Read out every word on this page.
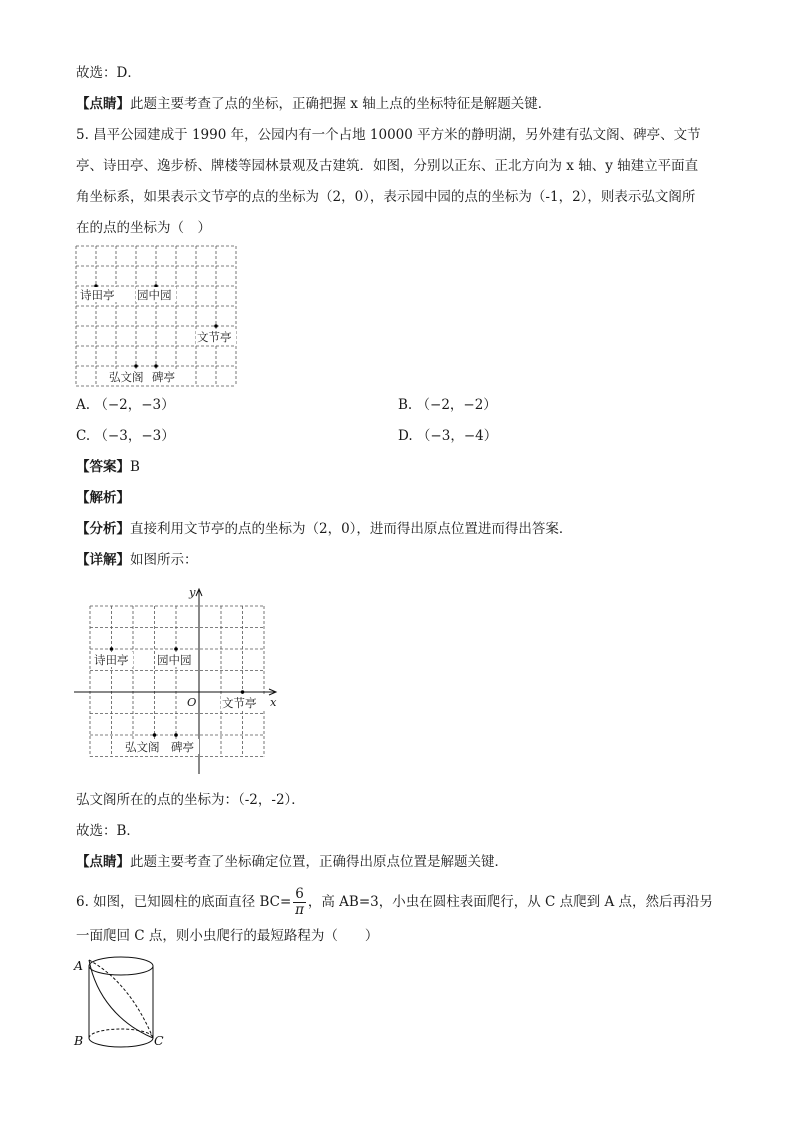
故选：D．
【点睛】此题主要考查了点的坐标，正确把握 x 轴上点的坐标特征是解题关键．
5. 昌平公园建成于 1990 年，公园内有一个占地 10000 平方米的静明湖，另外建有弘文阁、碑亭、文节
亭、诗田亭、逸步桥、牌楼等园林景观及古建筑．如图，分别以正东、正北方向为 x 轴、y 轴建立平面直
角坐标系，如果表示文节亭的点的坐标为（2，0），表示园中园的点的坐标为（-1，2），则表示弘文阁所
在的点的坐标为（　）
诗田亭 园中园
文节亭
弘文阁 碑亭
A. （−2，−3）	B. （−2，−2）
C. （−3，−3）	D. （−3，−4）
【答案】B
【解析】
【分析】直接利用文节亭的点的坐标为（2，0），进而得出原点位置进而得出答案．
【详解】如图所示：
y
x
O
诗田亭 园中园
文节亭
弘文阁 碑亭
弘文阁所在的点的坐标为：（-2，-2）．
故选：B．
【点睛】此题主要考查了坐标确定位置，正确得出原点位置是解题关键．
6. 如图，已知圆柱的底面直径 $BC= \frac{6}{\pi}$ ，高 AB=3，小虫在圆柱表面爬行，从 C 点爬到 A 点，然后再沿另
一面爬回 C 点，则小虫爬行的最短路程为（　　）
A
B	C
